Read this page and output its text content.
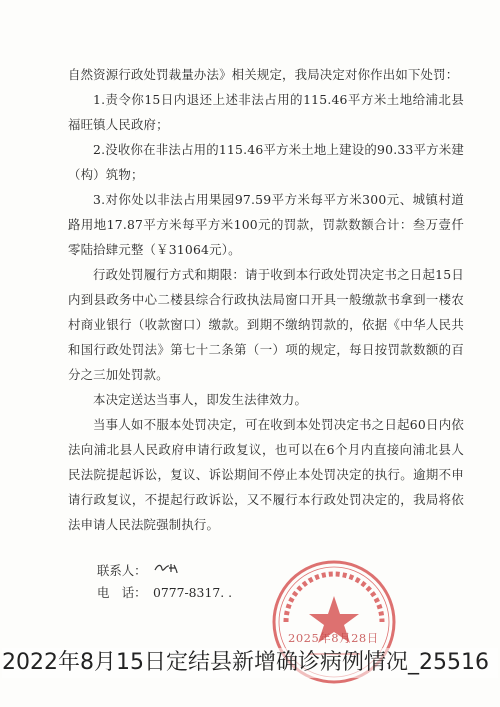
自然资源行政处罚裁量办法》相关规定，我局决定对你作出如下处罚：

1.责令你15日内退还上述非法占用的115.46平方米土地给浦北县福旺镇人民政府；

2.没收你在非法占用的115.46平方米土地上建设的90.33平方米建（构）筑物；

3.对你处以非法占用果园97.59平方米每平方米300元、城镇村道路用地17.87平方米每平方米100元的罚款，罚款数额合计：叁万壹仟零陆拾肆元整（￥31064元）。

行政处罚履行方式和期限：请于收到本行政处罚决定书之日起15日内到县政务中心二楼县综合行政执法局窗口开具一般缴款书拿到一楼农村商业银行（收款窗口）缴款。到期不缴纳罚款的，依据《中华人民共和国行政处罚法》第七十二条第（一）项的规定，每日按罚款数额的百分之三加处罚款。

本决定送达当事人，即发生法律效力。

当事人如不服本处罚决定，可在收到本处罚决定书之日起60日内依法向浦北县人民政府申请行政复议，也可以在6个月内直接向浦北县人民法院提起诉讼，复议、诉讼期间不停止本处罚决定的执行。逾期不申请行政复议，不提起行政诉讼，又不履行本行政处罚决定的，我局将依法申请人民法院强制执行。

联系人：
电　话： 0777-8317. .
2025年8月28日
2022年8月15日定结县新增确诊病例情况_25516
